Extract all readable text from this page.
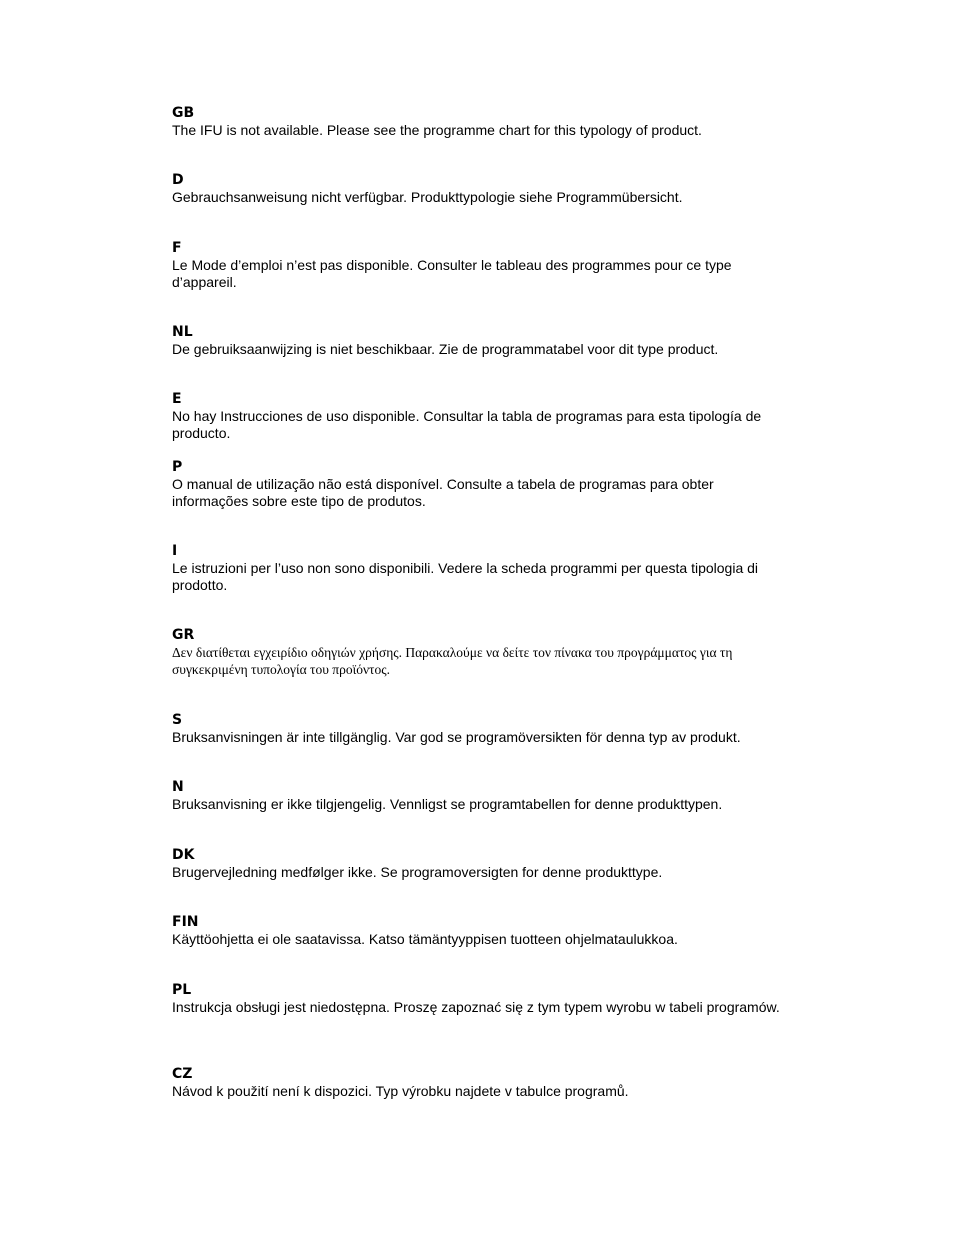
GB
The IFU is not available. Please see the programme chart for this typology of product.
D
Gebrauchsanweisung nicht verfügbar. Produkttypologie siehe Programmübersicht.
F
Le Mode d’emploi n’est pas disponible. Consulter le tableau des programmes pour ce type d’appareil.
NL
De gebruiksaanwijzing is niet beschikbaar. Zie de programmatabel voor dit type product.
E
No hay Instrucciones de uso disponible. Consultar la tabla de programas para esta tipología de producto.
P
O manual de utilização não está disponível. Consulte a tabela de programas para obter informações sobre este tipo de produtos.
I
Le istruzioni per l’uso non sono disponibili. Vedere la scheda programmi per questa tipologia di prodotto.
GR
Δεν διατίθεται εγχειρίδιο οδηγιών χρήσης. Παρακαλούμε να δείτε τον πίνακα του προγράμματος για τη συγκεκριμένη τυπολογία του προϊόντος.
S
Bruksanvisningen är inte tillgänglig. Var god se programöversikten för denna typ av produkt.
N
Bruksanvisning er ikke tilgjengelig. Vennligst se programtabellen for denne produkttypen.
DK
Brugervejledning medfølger ikke. Se programoversigten for denne produkttype.
FIN
Käyttöohjetta ei ole saatavissa. Katso tämäntyyppisen tuotteen ohjelmataulukkoa.
PL
Instrukcja obsługi jest niedostępna. Proszę zapoznać się z tym typem wyrobu w tabeli programów.
CZ
Návod k použití není k dispozici. Typ výrobku najdete v tabulce programů.
